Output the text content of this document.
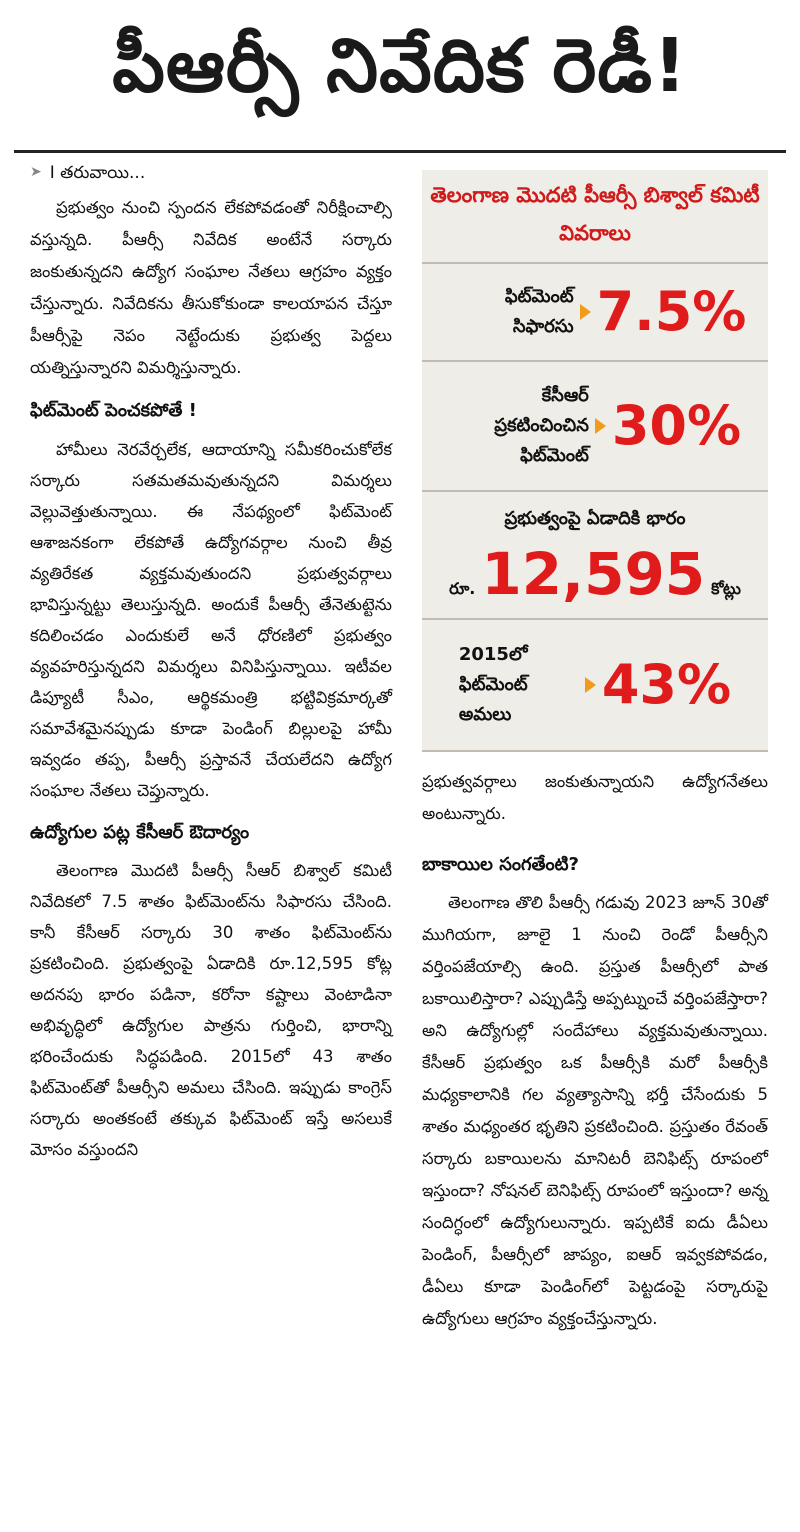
పీఆర్సీ నివేదిక రెడీ!
➤ I తరువాయి...

ప్రభుత్వం నుంచి స్పందన లేకపోవడంతో నిరీక్షించాల్సి వస్తున్నది. పీఆర్సీ నివేదిక అంటేనే సర్కారు జంకుతున్నదని ఉద్యోగ సంఘాల నేతలు ఆగ్రహం వ్యక్తం చేస్తున్నారు. నివేదికను తీసుకోకుండా కాలయాపన చేస్తూ పీఆర్సీపై నెపం నెట్టేందుకు ప్రభుత్వ పెద్దలు యత్నిస్తున్నారని విమర్శిస్తున్నారు.

ఫిట్‌మెంట్ పెంచకపోతే !

హామీలు నెరవేర్చలేక, ఆదాయాన్ని సమీకరించుకోలేక సర్కారు సతమతమవుతున్నదని విమర్శలు వెల్లువెత్తుతున్నాయి. ఈ నేపథ్యంలో ఫిట్‌మెంట్ ఆశాజనకంగా లేకపోతే ఉద్యోగవర్గాల నుంచి తీవ్ర వ్యతిరేకత వ్యక్తమవుతుందని ప్రభుత్వవర్గాలు భావిస్తున్నట్టు తెలుస్తున్నది. అందుకే పీఆర్సీ తేనెతుట్టెను కదిలించడం ఎందుకులే అనే ధోరణిలో ప్రభుత్వం వ్యవహరిస్తున్నదని విమర్శలు వినిపిస్తున్నాయి. ఇటీవల డిప్యూటీ సీఎం, ఆర్థికమంత్రి భట్టివిక్రమార్కతో సమావేశమైనప్పుడు కూడా పెండింగ్ బిల్లులపై హామీ ఇవ్వడం తప్ప, పీఆర్సీ ప్రస్తావనే చేయలేదని ఉద్యోగ సంఘాల నేతలు చెప్తున్నారు.

ఉద్యోగుల పట్ల కేసీఆర్ ఔదార్యం

తెలంగాణ మొదటి పీఆర్సీ సీఆర్ బిశ్వాల్ కమిటీ నివేదికలో 7.5 శాతం ఫిట్‌మెంట్‌ను సిఫారసు చేసింది. కానీ కేసీఆర్ సర్కారు 30 శాతం ఫిట్‌మెంట్‌ను ప్రకటించింది. ప్రభుత్వంపై ఏడాదికి రూ.12,595 కోట్ల అదనపు భారం పడినా, కరోనా కష్టాలు వెంటాడినా అభివృద్ధిలో ఉద్యోగుల పాత్రను గుర్తించి, భారాన్ని భరించేందుకు సిద్ధపడింది. 2015లో 43 శాతం ఫిట్‌మెంట్‌తో పీఆర్సీని అమలు చేసింది. ఇప్పుడు కాంగ్రెస్ సర్కారు అంతకంటే తక్కువ ఫిట్‌మెంట్ ఇస్తే అసలుకే మోసం వస్తుందని

తెలంగాణ మొదటి పీఆర్సీ బిశ్వాల్ కమిటీ వివరాలు
ఫిట్‌మెంట్ సిఫారసు 7.5%
కేసీఆర్ ప్రకటించించిన ఫిట్‌మెంట్ 30%
ప్రభుత్వంపై ఏడాదికి భారం
రూ. 12,595 కోట్లు
2015లో ఫిట్‌మెంట్ అమలు	43%

ప్రభుత్వవర్గాలు జంకుతున్నాయని ఉద్యోగనేతలు అంటున్నారు.

బాకాయిల సంగతేంటి?

తెలంగాణ తొలి పీఆర్సీ గడువు 2023 జూన్ 30తో ముగియగా, జూలై 1 నుంచి రెండో పీఆర్సీని వర్తింపజేయాల్సి ఉంది. ప్రస్తుత పీఆర్సీలో పాత బకాయిలిస్తారా? ఎప్పుడిస్తే అప్పట్నుంచే వర్తింపజేస్తారా? అని ఉద్యోగుల్లో సందేహాలు వ్యక్తమవుతున్నాయి. కేసీఆర్ ప్రభుత్వం ఒక పీఆర్సీకి మరో పీఆర్సీకి మధ్యకాలానికి గల వ్యత్యాసాన్ని భర్తీ చేసేందుకు 5 శాతం మధ్యంతర భృతిని ప్రకటించింది. ప్రస్తుతం రేవంత్ సర్కారు బకాయిలను మానిటరీ బెనిఫిట్స్ రూపంలో ఇస్తుందా? నోషనల్ బెనిఫిట్స్ రూపంలో ఇస్తుందా? అన్న సందిగ్ధంలో ఉద్యోగులున్నారు. ఇప్పటికే ఐదు డీఏలు పెండింగ్, పీఆర్సీలో జాప్యం, ఐఆర్ ఇవ్వకపోవడం, డీఏలు కూడా పెండింగ్‌లో పెట్టడంపై సర్కారుపై ఉద్యోగులు ఆగ్రహం వ్యక్తంచేస్తున్నారు.
